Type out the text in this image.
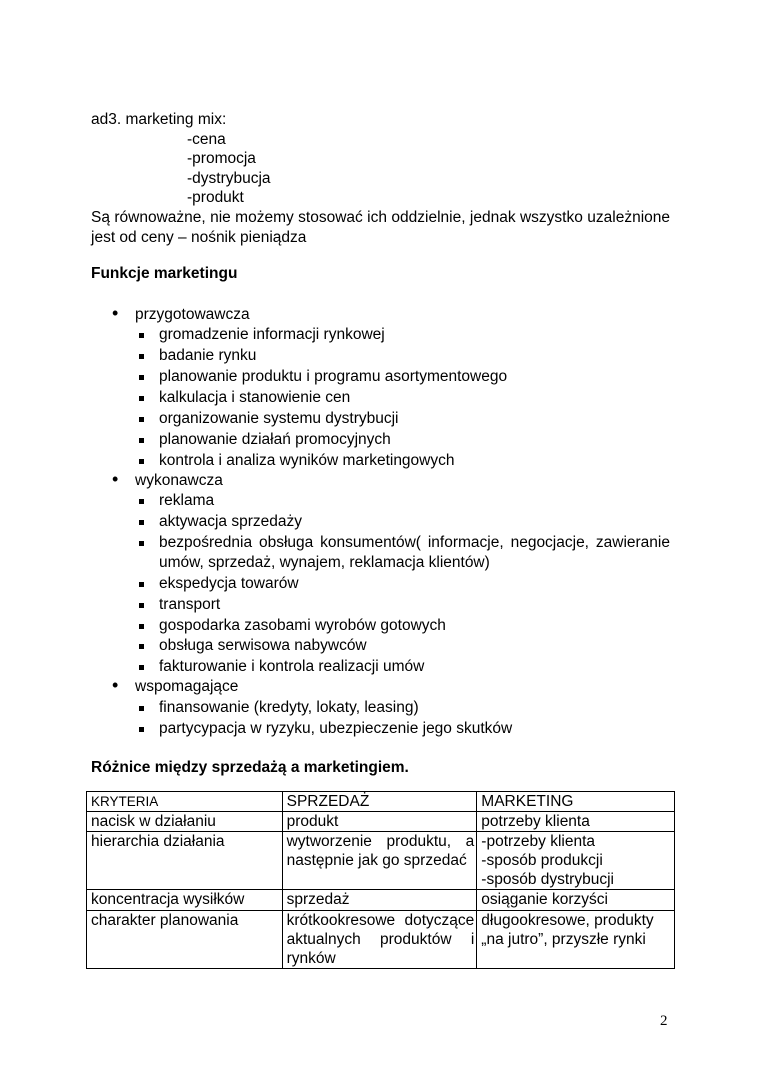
ad3. marketing mix:
-cena
-promocja
-dystrybucja
-produkt
Są równoważne, nie możemy stosować ich oddzielnie, jednak wszystko uzależnione jest od ceny – nośnik pieniądza
Funkcje marketingu
• przygotowawcza
gromadzenie informacji rynkowej
badanie rynku
planowanie produktu i programu asortymentowego
kalkulacja i stanowienie cen
organizowanie systemu dystrybucji
planowanie działań promocyjnych
kontrola i analiza wyników marketingowych
• wykonawcza
reklama
aktywacja sprzedaży
bezpośrednia obsługa konsumentów( informacje, negocjacje, zawieranie umów, sprzedaż, wynajem, reklamacja klientów)
ekspedycja towarów
transport
gospodarka zasobami wyrobów gotowych
obsługa serwisowa nabywców
fakturowanie i kontrola realizacji umów
• wspomagające
finansowanie (kredyty, lokaty, leasing)
partycypacja w ryzyku, ubezpieczenie jego skutków
Różnice między sprzedażą a marketingiem.
KRYTERIA	SPRZEDAŻ	MARKETING
nacisk w działaniu	produkt	potrzeby klienta

hierarchia działania	wytworzenie produktu, a następnie jak go sprzedać	-potrzeby klienta
-sposób produkcji
-sposób dystrybucji

koncentracja wysiłków	sprzedaż	osiąganie korzyści

charakter planowania	krótkookresowe dotyczące aktualnych produktów i rynków	długookresowe, produkty „na jutro”, przyszłe rynki
2
